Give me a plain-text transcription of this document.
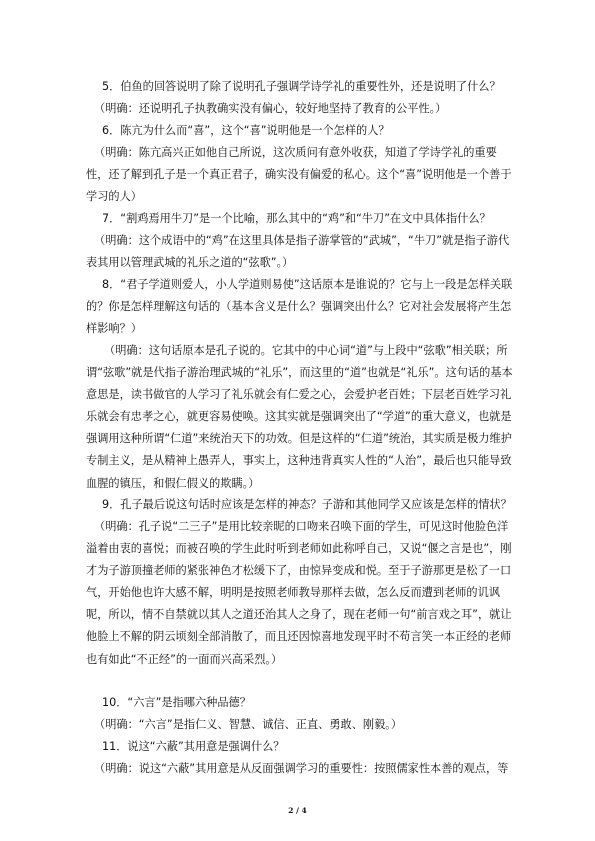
5．伯鱼的回答说明了除了说明孔子强调学诗学礼的重要性外，还是说明了什么？
（明确：还说明孔子执教确实没有偏心，较好地坚持了教育的公平性。）
6．陈亢为什么而“喜”，这个“喜”说明他是一个怎样的人？
（明确：陈亢高兴正如他自己所说，这次质问有意外收获，知道了学诗学礼的重要性，还了解到孔子是一个真正君子，确实没有偏爱的私心。这个“喜”说明他是一个善于学习的人）
7．“割鸡焉用牛刀”是一个比喻，那么其中的“鸡”和“牛刀”在文中具体指什么？
（明确：这个成语中的“鸡”在这里具体是指子游掌管的“武城”，“牛刀”就是指子游代表其用以管理武城的礼乐之道的“弦歌”。）
8．“君子学道则爱人，小人学道则易使”这话原本是谁说的？它与上一段是怎样关联的？你是怎样理解这句话的（基本含义是什么？强调突出什么？它对社会发展将产生怎样影响？）
（明确：这句话原本是孔子说的。它其中的中心词“道”与上段中“弦歌”相关联；所谓“弦歌”就是代指子游治理武城的“礼乐”，而这里的“道”也就是“礼乐”。这句话的基本意思是，读书做官的人学习了礼乐就会有仁爱之心，会爱护老百姓；下层老百姓学习礼乐就会有忠孝之心，就更容易使唤。这其实就是强调突出了“学道”的重大意义，也就是强调用这种所谓“仁道”来统治天下的功效。但是这样的“仁道”统治，其实质是极力维护专制主义，是从精神上愚弄人，事实上，这种违背真实人性的“人治”，最后也只能导致血腥的镇压，和假仁假义的欺瞒。）
9．孔子最后说这句话时应该是怎样的神态？子游和其他同学又应该是怎样的情状？
（明确：孔子说“二三子”是用比较亲昵的口吻来召唤下面的学生，可见这时他脸色洋溢着由衷的喜悦；而被召唤的学生此时听到老师如此称呼自己，又说“偃之言是也”，刚才为子游顶撞老师的紧张神色才松缓下了，由惊异变成和悦。至于子游那更是松了一口气，开始他也许大感不解，明明是按照老师教导那样去做，怎么反而遭到老师的讥讽呢，所以，情不自禁就以其人之道还治其人之身了，现在老师一句“前言戏之耳”，就让他脸上不解的阴云顷刻全部消散了，而且还因惊喜地发现平时不苟言笑一本正经的老师也有如此“不正经”的一面而兴高采烈。）
10．“六言”是指哪六种品德？
（明确：“六言”是指仁义、智慧、诚信、正直、勇敢、刚毅。）
11．说这“六蔽”其用意是强调什么？
（明确：说这“六蔽”其用意是从反面强调学习的重要性：按照儒家性本善的观点，等
2 / 4
